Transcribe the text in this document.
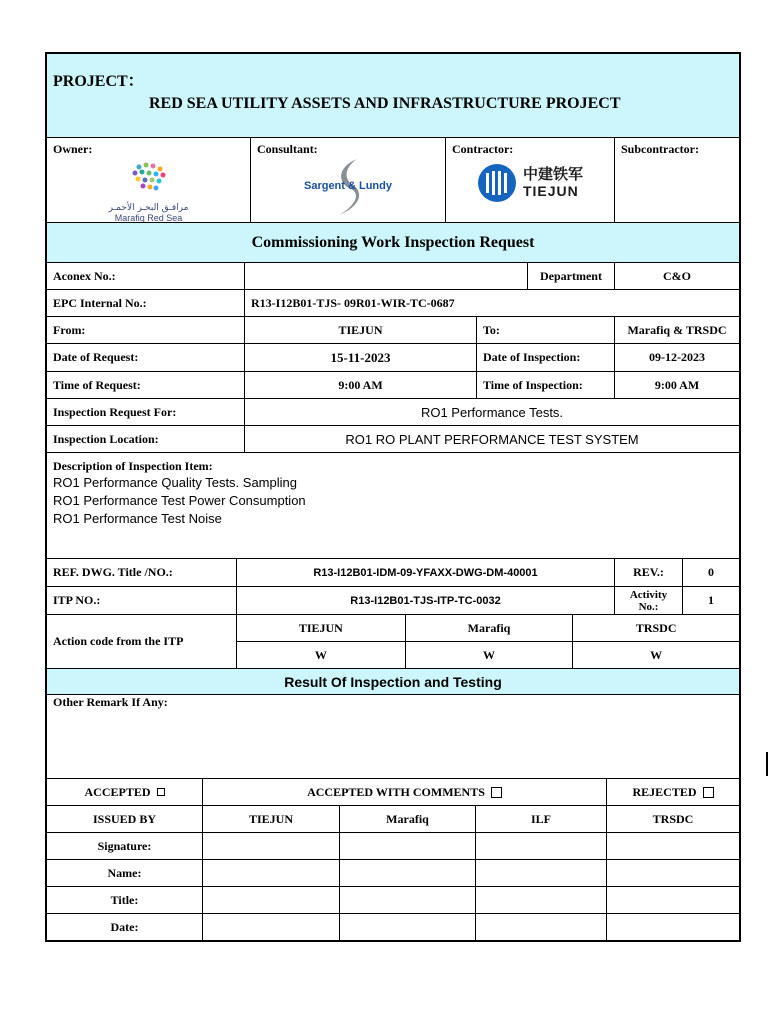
PROJECT：
RED SEA UTILITY ASSETS AND INFRASTRUCTURE PROJECT
Owner:
مرافـق البحـر الأحمـر
Marafiq Red Sea
Consultant:
Sargent & Lundy
Contractor:
中建铁军
TIEJUN
Subcontractor:
Commissioning Work Inspection Request
Aconex No.:	Department	C&O
EPC Internal No.:	R13-I12B01-TJS- 09R01-WIR-TC-0687
From:	TIEJUN	To:	Marafiq & TRSDC
Date of Request:	15-11-2023	Date of Inspection:	09-12-2023
Time of Request:	9:00 AM	Time of Inspection:	9:00 AM
Inspection Request For:	RO1 Performance Tests.
Inspection Location:	RO1 RO PLANT PERFORMANCE TEST SYSTEM
Description of Inspection Item:
RO1 Performance Quality Tests. Sampling
RO1 Performance Test Power Consumption
RO1 Performance Test Noise
REF. DWG. Title /NO.:	R13-I12B01-IDM-09-YFAXX-DWG-DM-40001	REV.:	0
ITP NO.:	R13-I12B01-TJS-ITP-TC-0032	Activity No.:	1
Action code from the ITP
TIEJUN	Marafiq	TRSDC
W	W	W
Result Of Inspection and Testing
Other Remark If Any:
ACCEPTED	ACCEPTED WITH COMMENTS	REJECTED
ISSUED BY	TIEJUN	Marafiq	ILF	TRSDC
Signature:
Name:
Title:
Date:
